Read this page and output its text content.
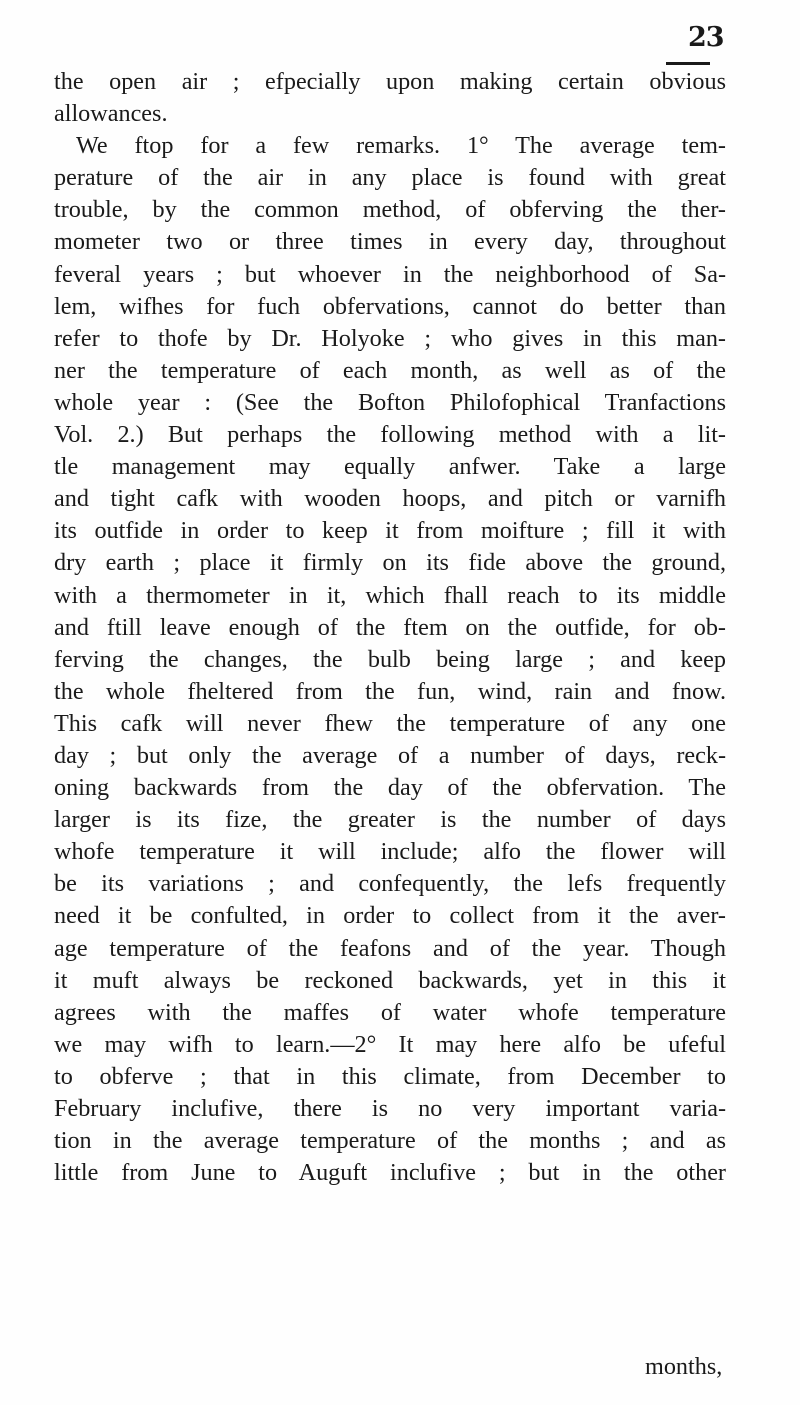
23
the open air ; efpecially upon making certain obvious
allowances.
We ftop for a few remarks. 1° The average tem-
perature of the air in any place is found with great
trouble, by the common method, of obferving the ther-
mometer two or three times in every day, throughout
feveral years ; but whoever in the neighborhood of Sa-
lem, wifhes for fuch obfervations, cannot do better than
refer to thofe by Dr. Holyoke ; who gives in this man-
ner the temperature of each month, as well as of the
whole year : (See the Bofton Philofophical Tranfactions
Vol. 2.) But perhaps the following method with a lit-
tle management may equally anfwer. Take a large
and tight cafk with wooden hoops, and pitch or varnifh
its outfide in order to keep it from moifture ; fill it with
dry earth ; place it firmly on its fide above the ground,
with a thermometer in it, which fhall reach to its middle
and ftill leave enough of the ftem on the outfide, for ob-
ferving the changes, the bulb being large ; and keep
the whole fheltered from the fun, wind, rain and fnow.
This cafk will never fhew the temperature of any one
day ; but only the average of a number of days, reck-
oning backwards from the day of the obfervation. The
larger is its fize, the greater is the number of days
whofe temperature it will include; alfo the flower will
be its variations ; and confequently, the lefs frequently
need it be confulted, in order to collect from it the aver-
age temperature of the feafons and of the year. Though
it muft always be reckoned backwards, yet in this it
agrees with the maffes of water whofe temperature
we may wifh to learn.—2° It may here alfo be ufeful
to obferve ; that in this climate, from December to
February inclufive, there is no very important varia-
tion in the average temperature of the months ; and as
little from June to Auguft inclufive ; but in the other
months,
